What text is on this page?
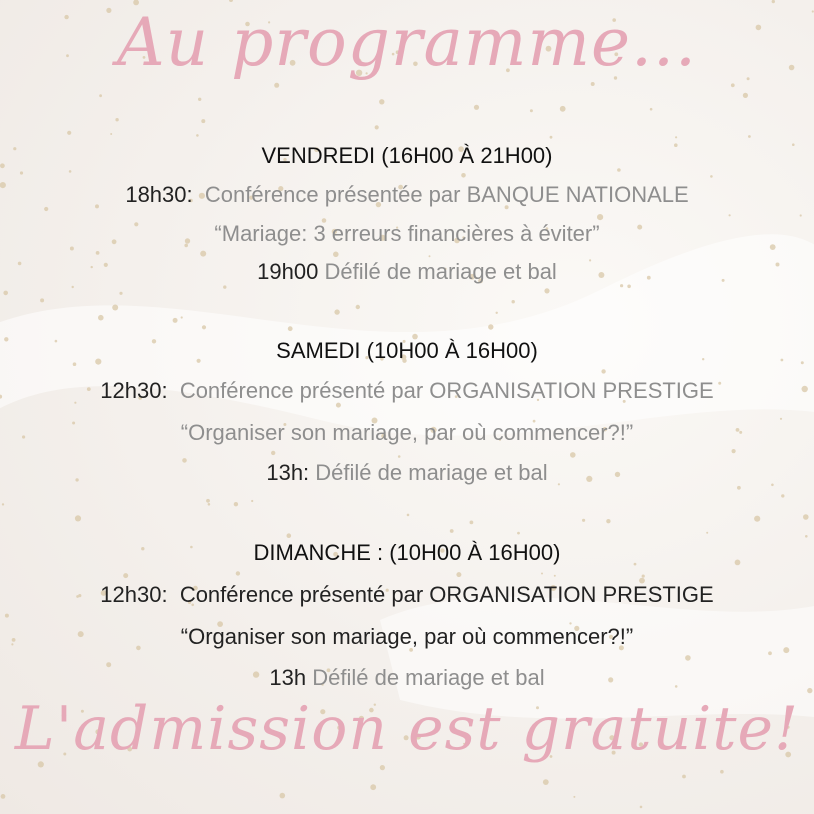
Au programme...
VENDREDI (16H00 À 21H00)
18h30: Conférence présentée par BANQUE NATIONALE
“Mariage: 3 erreurs financières à éviter”
19h00 Défilé de mariage et bal
SAMEDI (10H00 À 16H00)
12h30: Conférence présenté par ORGANISATION PRESTIGE
“Organiser son mariage, par où commencer?!”
13h: Défilé de mariage et bal
DIMANCHE : (10H00 À 16H00)
12h30: Conférence présenté par ORGANISATION PRESTIGE
“Organiser son mariage, par où commencer?!”
13h Défilé de mariage et bal
L'admission est gratuite!
